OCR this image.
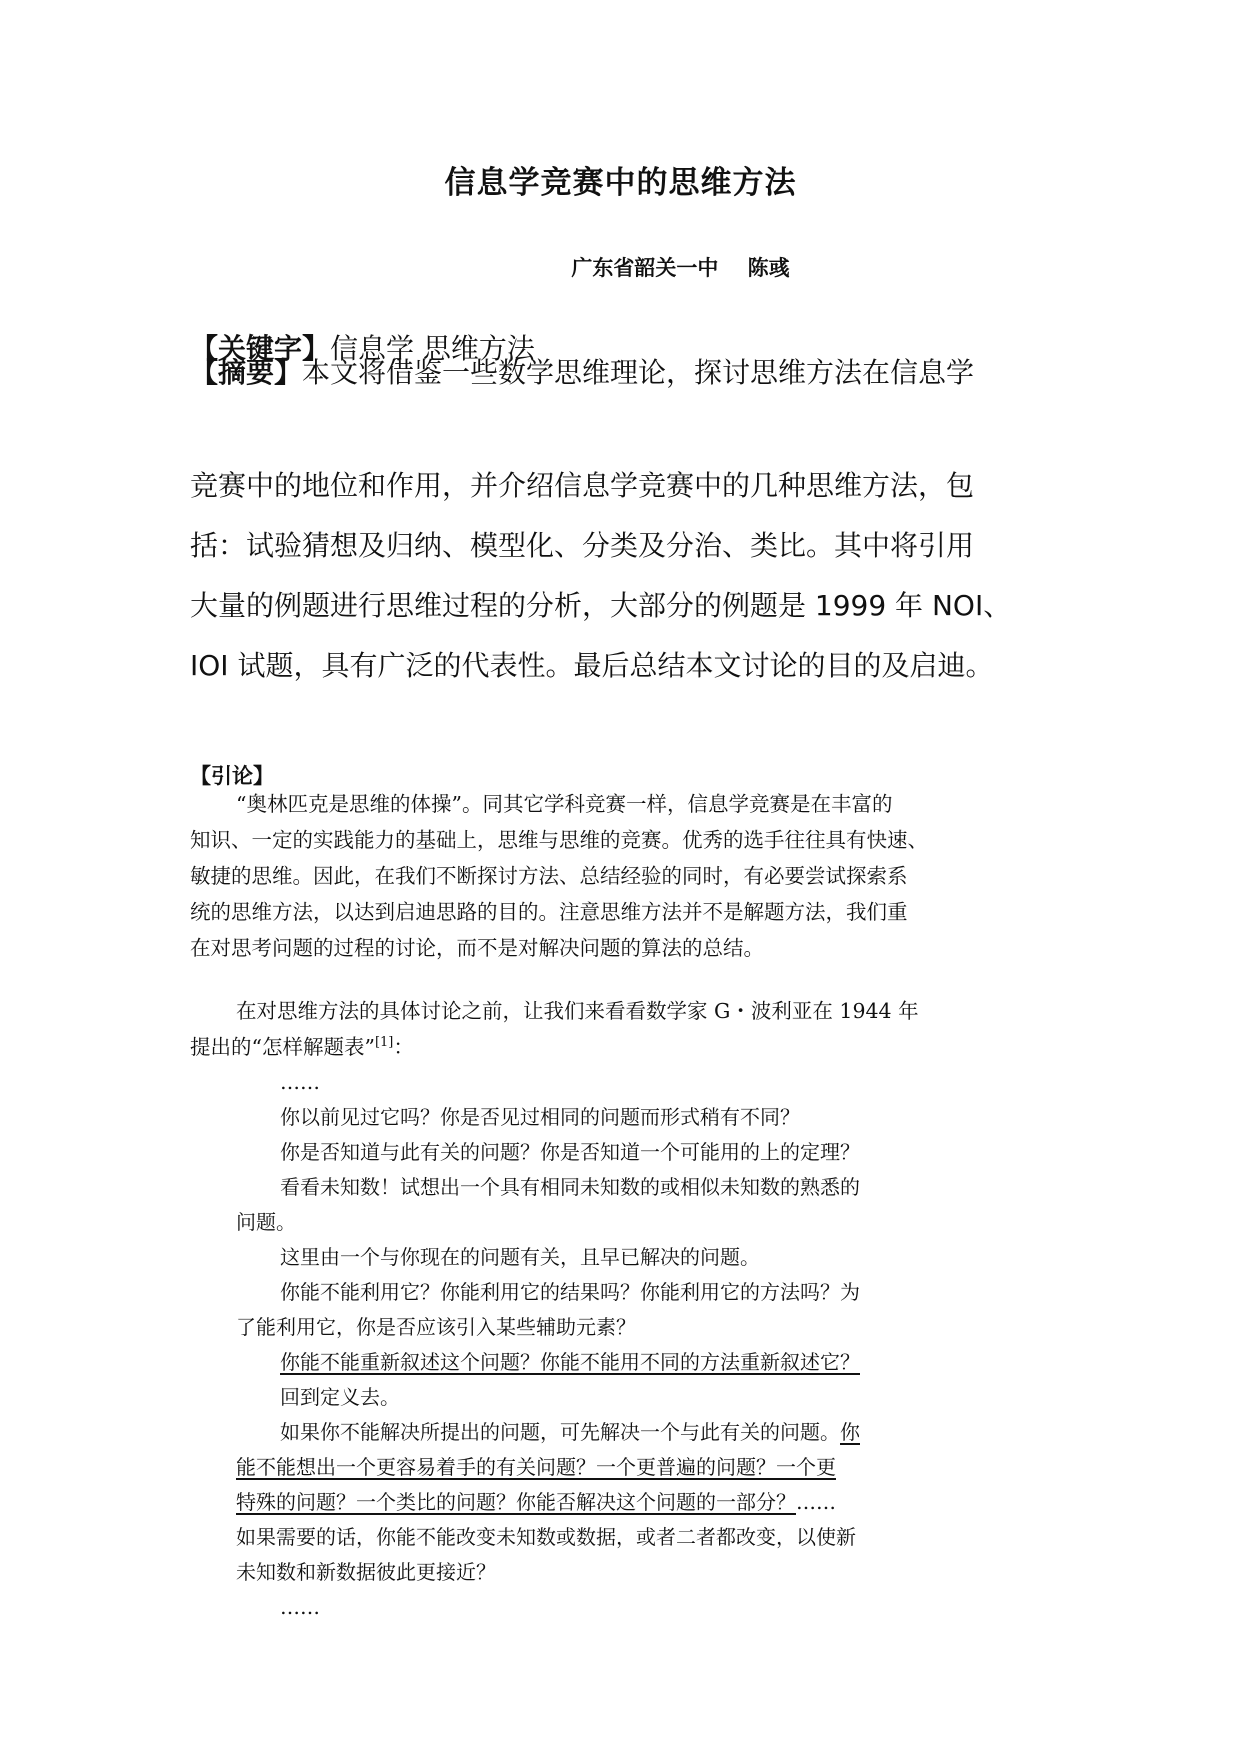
信息学竞赛中的思维方法
广东省韶关一中    陈彧
【关键字】信息学 思维方法
【摘要】本文将借鉴一些数学思维理论，探讨思维方法在信息学
竞赛中的地位和作用，并介绍信息学竞赛中的几种思维方法，包
括：试验猜想及归纳、模型化、分类及分治、类比。其中将引用
大量的例题进行思维过程的分析，大部分的例题是 1999 年 NOI、
IOI 试题，具有广泛的代表性。最后总结本文讨论的目的及启迪。
【引论】
“奥林匹克是思维的体操”。同其它学科竞赛一样，信息学竞赛是在丰富的
知识、一定的实践能力的基础上，思维与思维的竞赛。优秀的选手往往具有快速、
敏捷的思维。因此，在我们不断探讨方法、总结经验的同时，有必要尝试探索系
统的思维方法，以达到启迪思路的目的。注意思维方法并不是解题方法，我们重
在对思考问题的过程的讨论，而不是对解决问题的算法的总结。
在对思维方法的具体讨论之前，让我们来看看数学家 G・波利亚在 1944 年
提出的“怎样解题表”[1]：
……
你以前见过它吗？你是否见过相同的问题而形式稍有不同？
你是否知道与此有关的问题？你是否知道一个可能用的上的定理？
看看未知数！试想出一个具有相同未知数的或相似未知数的熟悉的
问题。
这里由一个与你现在的问题有关，且早已解决的问题。
你能不能利用它？你能利用它的结果吗？你能利用它的方法吗？为
了能利用它，你是否应该引入某些辅助元素？
你能不能重新叙述这个问题？你能不能用不同的方法重新叙述它？
回到定义去。
如果你不能解决所提出的问题，可先解决一个与此有关的问题。你
能不能想出一个更容易着手的有关问题？一个更普遍的问题？一个更
特殊的问题？一个类比的问题？你能否解决这个问题的一部分？……
如果需要的话，你能不能改变未知数或数据，或者二者都改变，以使新
未知数和新数据彼此更接近？
……
